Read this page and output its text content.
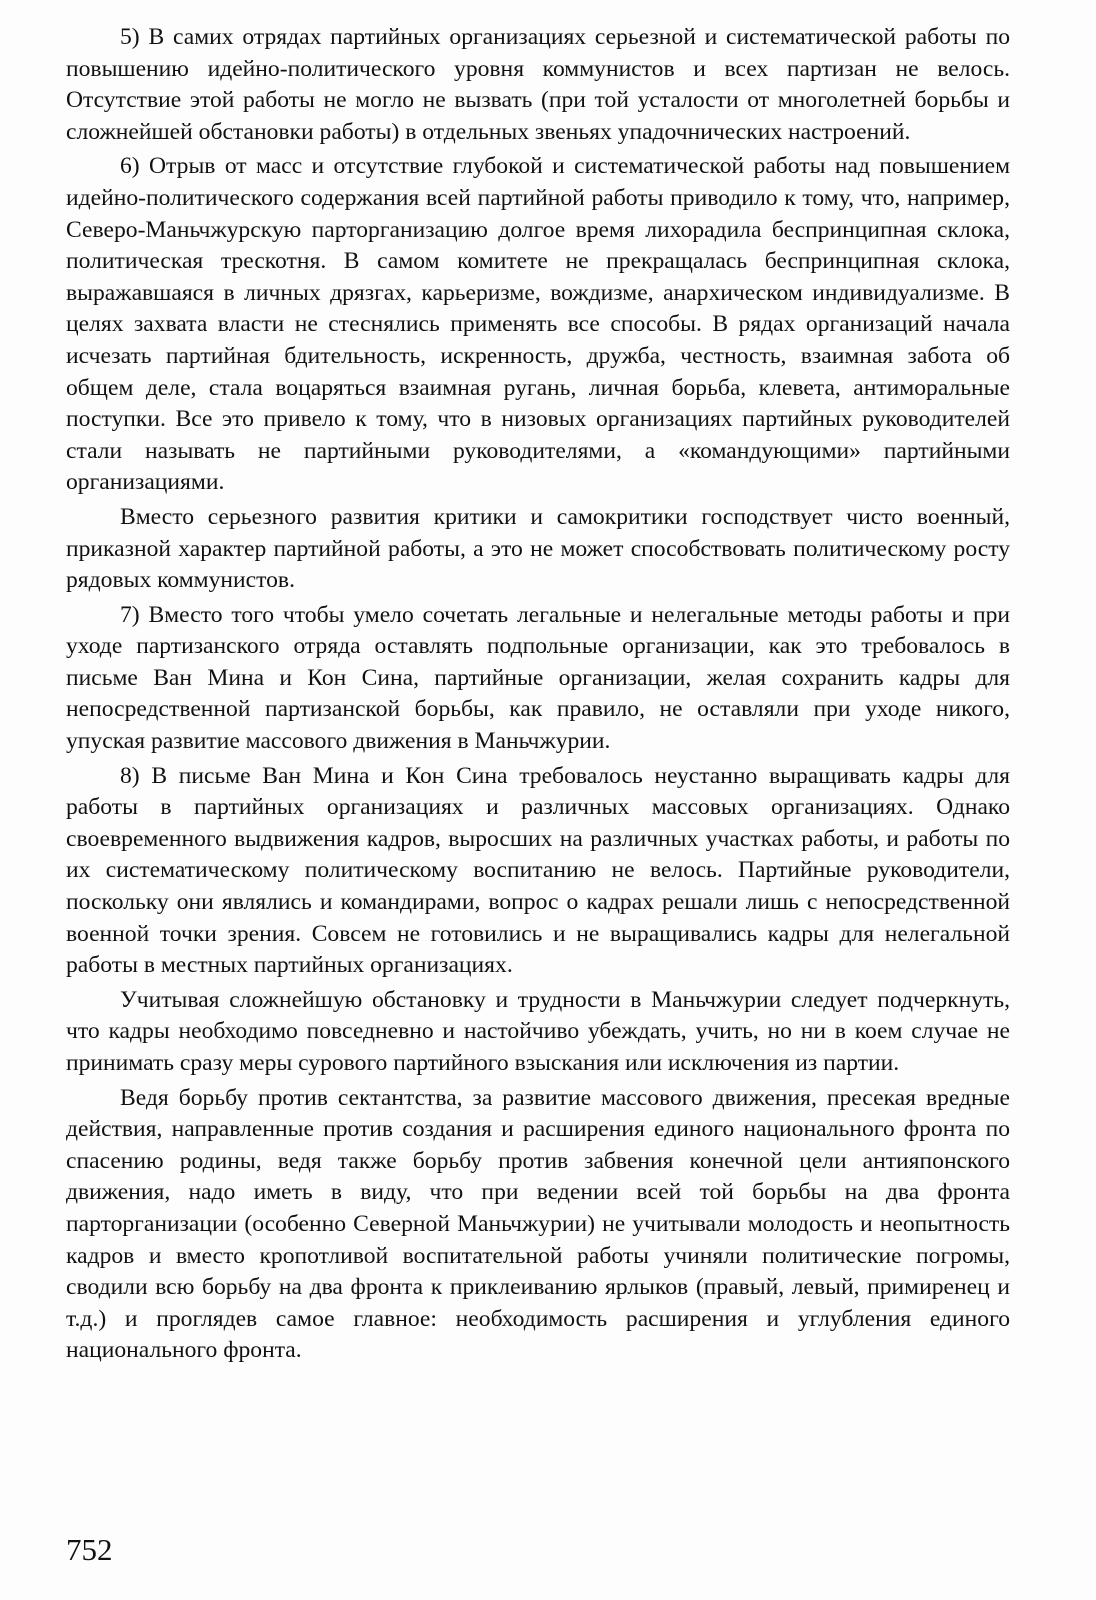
5) В самих отрядах партийных организациях серьезной и систематической работы по повышению идейно-политического уровня коммунистов и всех партизан не велось. Отсутствие этой работы не могло не вызвать (при той усталости от многолетней борьбы и сложнейшей обстановки работы) в отдельных звеньях упадочнических настроений.

6) Отрыв от масс и отсутствие глубокой и систематической работы над повышением идейно-политического содержания всей партийной работы приводило к тому, что, например, Северо-Маньчжурскую парторганизацию долгое время лихорадила беспринципная склока, политическая трескотня. В самом комитете не прекращалась беспринципная склока, выражавшаяся в личных дрязгах, карьеризме, вождизме, анархическом индивидуализме. В целях захвата власти не стеснялись применять все способы. В рядах организаций начала исчезать партийная бдительность, искренность, дружба, честность, взаимная забота об общем деле, стала воцаряться взаимная ругань, личная борьба, клевета, антиморальные поступки. Все это привело к тому, что в низовых организациях партийных руководителей стали называть не партийными руководителями, а «командующими» партийными организациями.

Вместо серьезного развития критики и самокритики господствует чисто военный, приказной характер партийной работы, а это не может способствовать политическому росту рядовых коммунистов.

7) Вместо того чтобы умело сочетать легальные и нелегальные методы работы и при уходе партизанского отряда оставлять подпольные организации, как это требовалось в письме Ван Мина и Кон Сина, партийные организации, желая сохранить кадры для непосредственной партизанской борьбы, как правило, не оставляли при уходе никого, упуская развитие массового движения в Маньчжурии.

8) В письме Ван Мина и Кон Сина требовалось неустанно выращивать кадры для работы в партийных организациях и различных массовых организациях. Однако своевременного выдвижения кадров, выросших на различных участках работы, и работы по их систематическому политическому воспитанию не велось. Партийные руководители, поскольку они являлись и командирами, вопрос о кадрах решали лишь с непосредственной военной точки зрения. Совсем не готовились и не выращивались кадры для нелегальной работы в местных партийных организациях.

Учитывая сложнейшую обстановку и трудности в Маньчжурии следует подчеркнуть, что кадры необходимо повседневно и настойчиво убеждать, учить, но ни в коем случае не принимать сразу меры сурового партийного взыскания или исключения из партии.

Ведя борьбу против сектантства, за развитие массового движения, пресекая вредные действия, направленные против создания и расширения единого национального фронта по спасению родины, ведя также борьбу против забвения конечной цели антияпонского движения, надо иметь в виду, что при ведении всей той борьбы на два фронта парторганизации (особенно Северной Маньчжурии) не учитывали молодость и неопытность кадров и вместо кропотливой воспитательной работы учиняли политические погромы, сводили всю борьбу на два фронта к приклеиванию ярлыков (правый, левый, примиренец и т.д.) и проглядев самое главное: необходимость расширения и углубления единого национального фронта.

752
